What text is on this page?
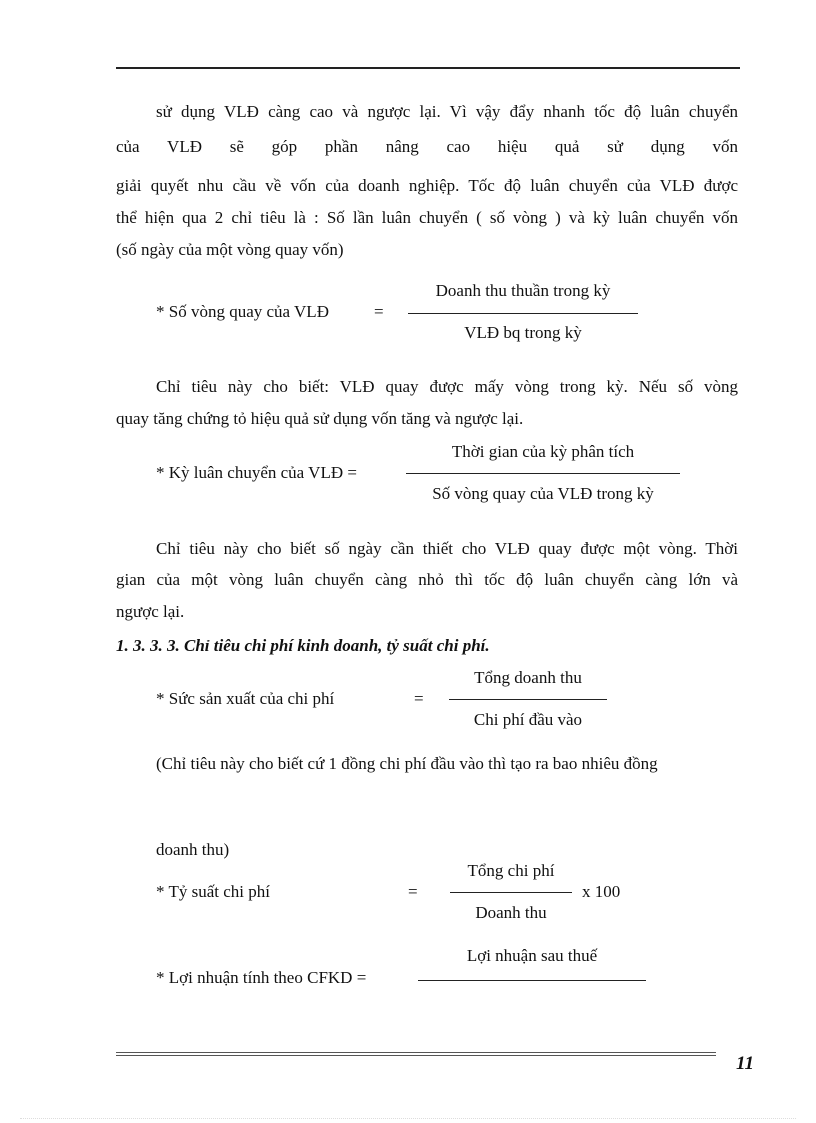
sử dụng VLĐ càng cao và ngược lại. Vì vậy đẩy nhanh tốc độ luân chuyển
của VLĐ sẽ góp phần nâng cao hiệu quả sử dụng vốn
giải quyết nhu cầu về vốn của doanh nghiệp. Tốc độ luân chuyển của VLĐ được
thể hiện qua 2 chỉ tiêu là : Số lần luân chuyển ( số vòng ) và kỳ luân chuyển vốn
(số ngày của một vòng quay vốn)
* Số vòng quay của VLĐ	=
Doanh thu thuần trong kỳ
VLĐ bq trong kỳ
Chỉ tiêu này cho biết: VLĐ quay được mấy vòng trong kỳ. Nếu số vòng
quay tăng chứng tỏ hiệu quả sử dụng vốn tăng và ngược lại.
* Kỳ luân chuyển của VLĐ =
Thời gian của kỳ phân tích
Số vòng quay của VLĐ trong kỳ
Chỉ tiêu này cho biết số ngày cần thiết cho VLĐ quay được một vòng. Thời
gian của một vòng luân chuyển càng nhỏ thì tốc độ luân chuyển càng lớn và
ngược lại.
1. 3. 3. 3. Chỉ tiêu chi phí kinh doanh, tỷ suất chi phí.
* Sức sản xuất của chi phí	=
Tổng doanh thu
Chi phí đầu vào
(Chỉ tiêu này cho biết cứ 1 đồng chi phí đầu vào thì tạo ra bao nhiêu đồng
doanh thu)
* Tỷ suất chi phí	=
Tổng chi phí
Doanh thu
x 100
* Lợi nhuận tính theo CFKD =
Lợi nhuận sau thuế
11
